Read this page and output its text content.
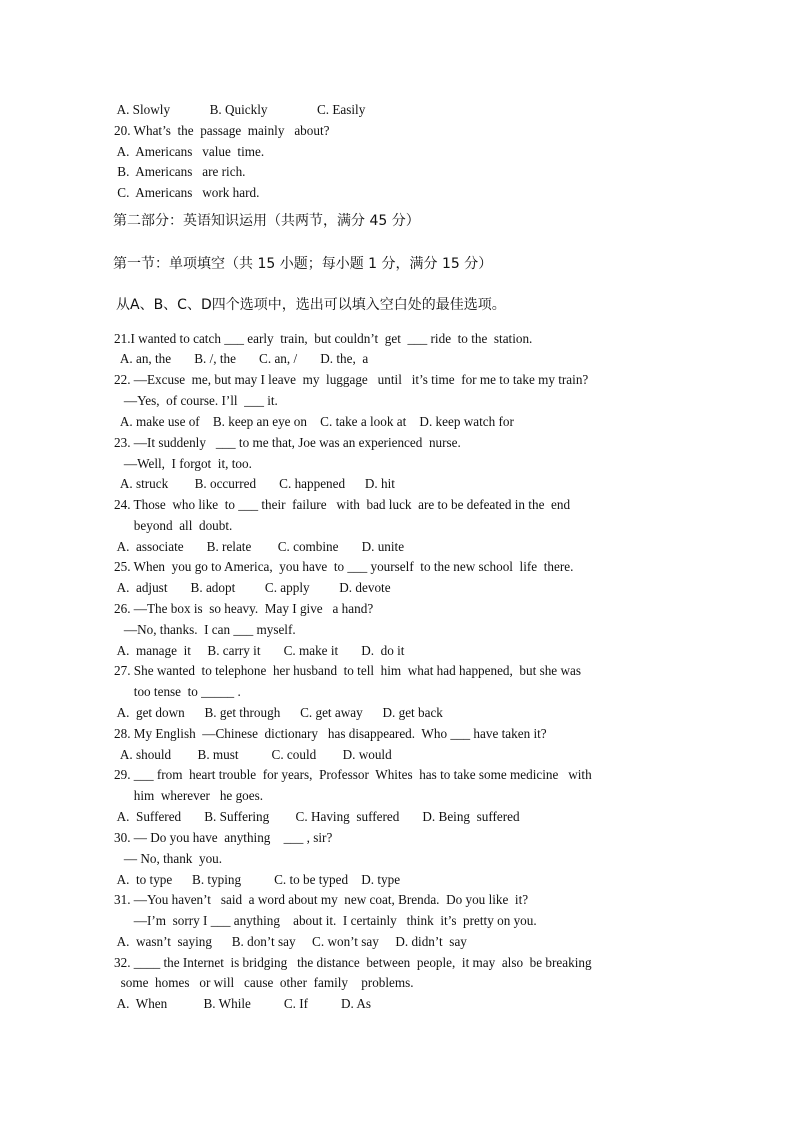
A. Slowly            B. Quickly               C. Easily
20. What’s  the  passage  mainly   about?
A.  Americans   value  time.
B.  Americans   are rich.
C.  Americans   work hard.
第二部分：英语知识运用（共两节，满分 45 分）
第一节：单项填空（共 15 小题；每小题 1 分，满分 15 分）
从A、B、C、D四个选项中，选出可以填入空白处的最佳选项。
21.I wanted to catch ___ early  train,  but couldn’t  get  ___ ride  to the  station.
A. an, the       B. /, the       C. an, /       D. the,  a
22. —Excuse  me, but may I leave  my  luggage   until   it’s time  for me to take my train?
—Yes,  of course. I’ll  ___ it.
A. make use of    B. keep an eye on    C. take a look at    D. keep watch for
23. —It suddenly   ___ to me that, Joe was an experienced  nurse.
—Well,  I forgot  it, too.
A. struck        B. occurred       C. happened      D. hit
24. Those  who like  to ___ their  failure   with  bad luck  are to be defeated in the  end
beyond  all  doubt.
A.  associate       B. relate        C. combine       D. unite
25. When  you go to America,  you have  to ___ yourself  to the new school  life  there.
A.  adjust       B. adopt         C. apply         D. devote
26. —The box is  so heavy.  May I give   a hand?
—No, thanks.  I can ___ myself.
A.  manage  it     B. carry it       C. make it       D.  do it
27. She wanted  to telephone  her husband  to tell  him  what had happened,  but she was
too tense  to _____ .
A.  get down      B. get through      C. get away      D. get back
28. My English  —Chinese  dictionary   has disappeared.  Who ___ have taken it?
A. should        B. must          C. could        D. would
29. ___ from  heart trouble  for years,  Professor  Whites  has to take some medicine   with
him  wherever   he goes.
A.  Suffered       B. Suffering        C. Having  suffered       D. Being  suffered
30. — Do you have  anything    ___ , sir?
— No, thank  you.
A.  to type      B. typing          C. to be typed    D. type
31. —You haven’t   said  a word about my  new coat, Brenda.  Do you like  it?
—I’m  sorry I ___ anything    about it.  I certainly   think  it’s  pretty on you.
A.  wasn’t  saying      B. don’t say     C. won’t say     D. didn’t  say
32. ____ the Internet  is bridging   the distance  between  people,  it may  also  be breaking
some  homes   or will   cause  other  family    problems.
A.  When           B. While          C. If          D. As
